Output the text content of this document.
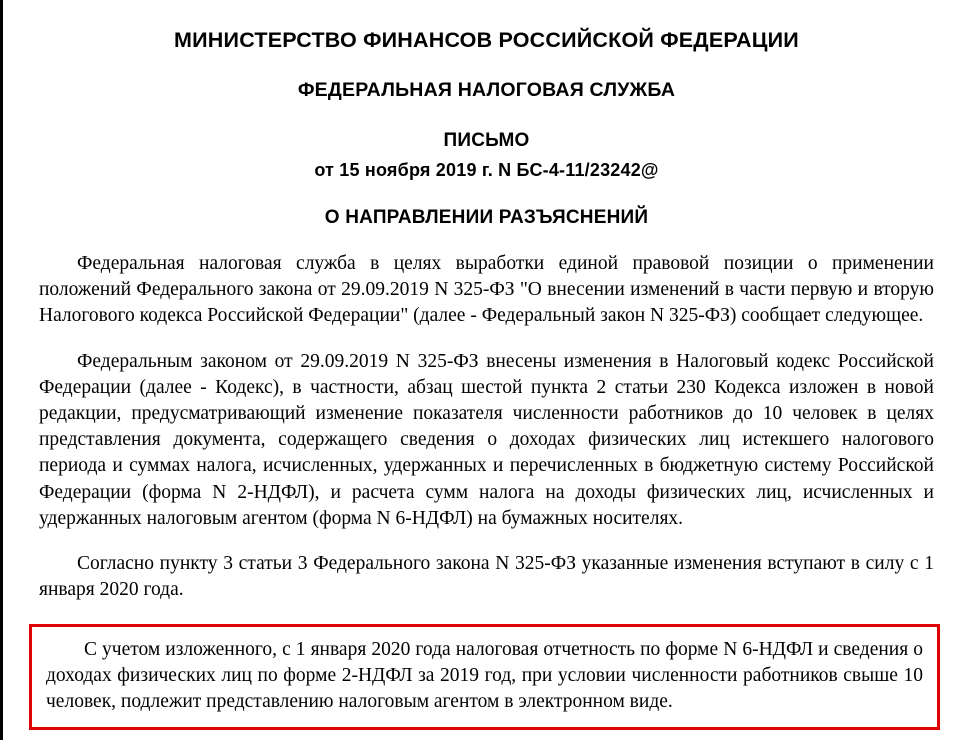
МИНИСТЕРСТВО ФИНАНСОВ РОССИЙСКОЙ ФЕДЕРАЦИИ
ФЕДЕРАЛЬНАЯ НАЛОГОВАЯ СЛУЖБА
ПИСЬМО
от 15 ноября 2019 г. N БС-4-11/23242@
О НАПРАВЛЕНИИ РАЗЪЯСНЕНИЙ

Федеральная налоговая служба в целях выработки единой правовой позиции о применении положений Федерального закона от 29.09.2019 N 325-ФЗ "О внесении изменений в части первую и вторую Налогового кодекса Российской Федерации" (далее - Федеральный закон N 325-ФЗ) сообщает следующее.

Федеральным законом от 29.09.2019 N 325-ФЗ внесены изменения в Налоговый кодекс Российской Федерации (далее - Кодекс), в частности, абзац шестой пункта 2 статьи 230 Кодекса изложен в новой редакции, предусматривающий изменение показателя численности работников до 10 человек в целях представления документа, содержащего сведения о доходах физических лиц истекшего налогового периода и суммах налога, исчисленных, удержанных и перечисленных в бюджетную систему Российской Федерации (форма N 2-НДФЛ), и расчета сумм налога на доходы физических лиц, исчисленных и удержанных налоговым агентом (форма N 6-НДФЛ) на бумажных носителях.

Согласно пункту 3 статьи 3 Федерального закона N 325-ФЗ указанные изменения вступают в силу с 1 января 2020 года.

С учетом изложенного, с 1 января 2020 года налоговая отчетность по форме N 6-НДФЛ и сведения о доходах физических лиц по форме 2-НДФЛ за 2019 год, при условии численности работников свыше 10 человек, подлежит представлению налоговым агентом в электронном виде.
